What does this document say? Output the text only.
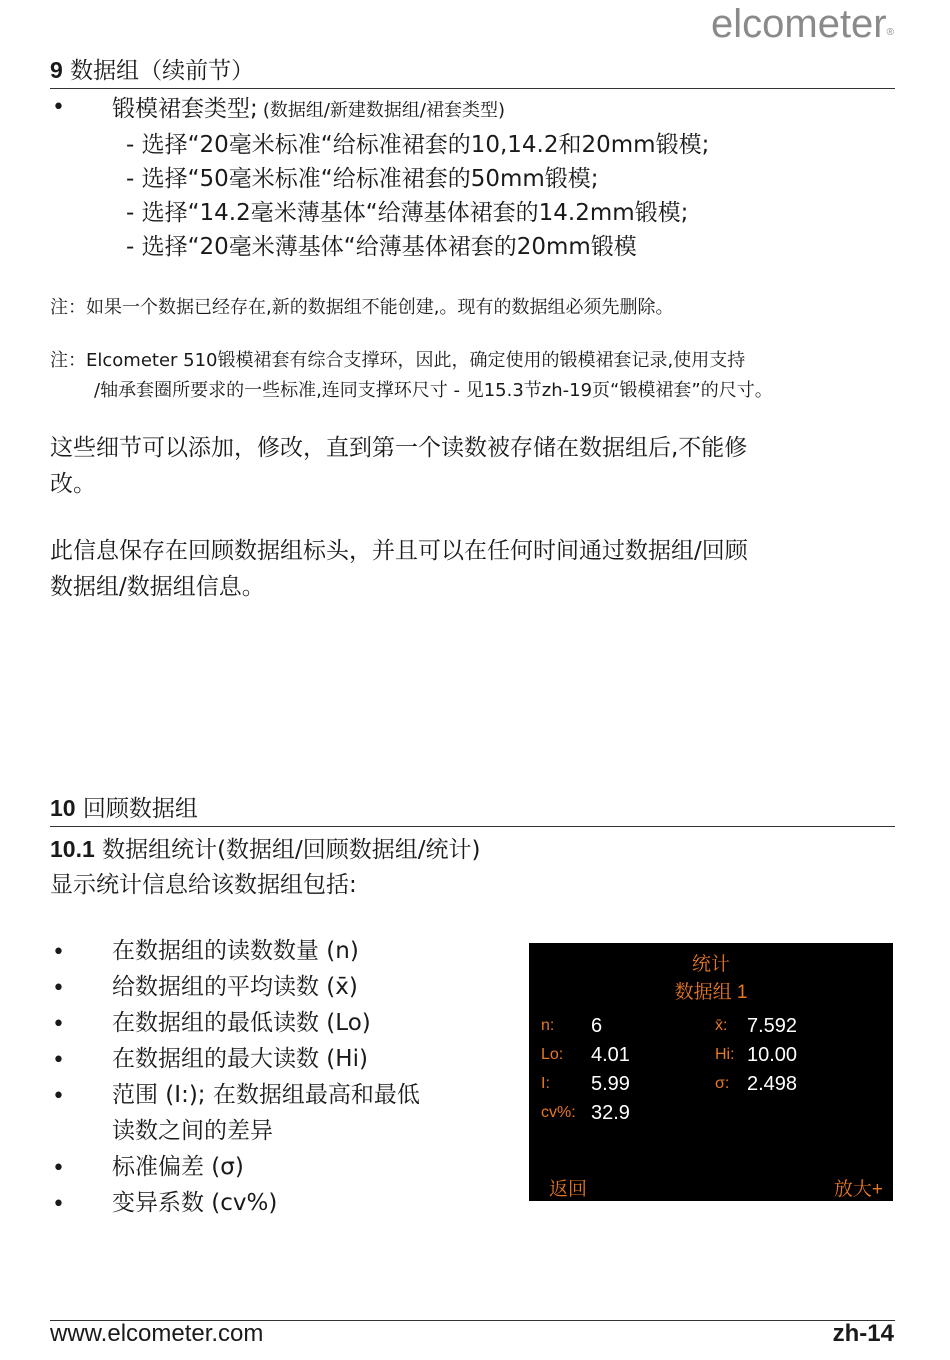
elcometer®
9 数据组（续前节）
• 锻模裙套类型; (数据组/新建数据组/裙套类型)
- 选择“20毫米标准“给标准裙套的10,14.2和20mm锻模;
- 选择“50毫米标准“给标准裙套的50mm锻模;
- 选择“14.2毫米薄基体“给薄基体裙套的14.2mm锻模;
- 选择“20毫米薄基体“给薄基体裙套的20mm锻模
注：如果一个数据已经存在,新的数据组不能创建,。现有的数据组必须先删除。
注：Elcometer 510锻模裙套有综合支撑环，因此，确定使用的锻模裙套记录,使用支持
/轴承套圈所要求的一些标准,连同支撑环尺寸 - 见15.3节zh-19页“锻模裙套”的尺寸。
这些细节可以添加，修改，直到第一个读数被存储在数据组后,不能修
改。
此信息保存在回顾数据组标头，并且可以在任何时间通过数据组/回顾
数据组/数据组信息。
10 回顾数据组
10.1 数据组统计(数据组/回顾数据组/统计)
显示统计信息给该数据组包括:
• 在数据组的读数数量 (n)
• 给数据组的平均读数 (x̄)
• 在数据组的最低读数 (Lo)
• 在数据组的最大读数 (Hi)
• 范围 (I:); 在数据组最高和最低
读数之间的差异
• 标准偏差 (σ)
• 变异系数 (cv%)
统计
数据组 1
n: 6	x̄: 7.592
Lo: 4.01	Hi: 10.00
I: 5.99	σ: 2.498
cv%: 32.9
返回	放大+
www.elcometer.com	zh-14
